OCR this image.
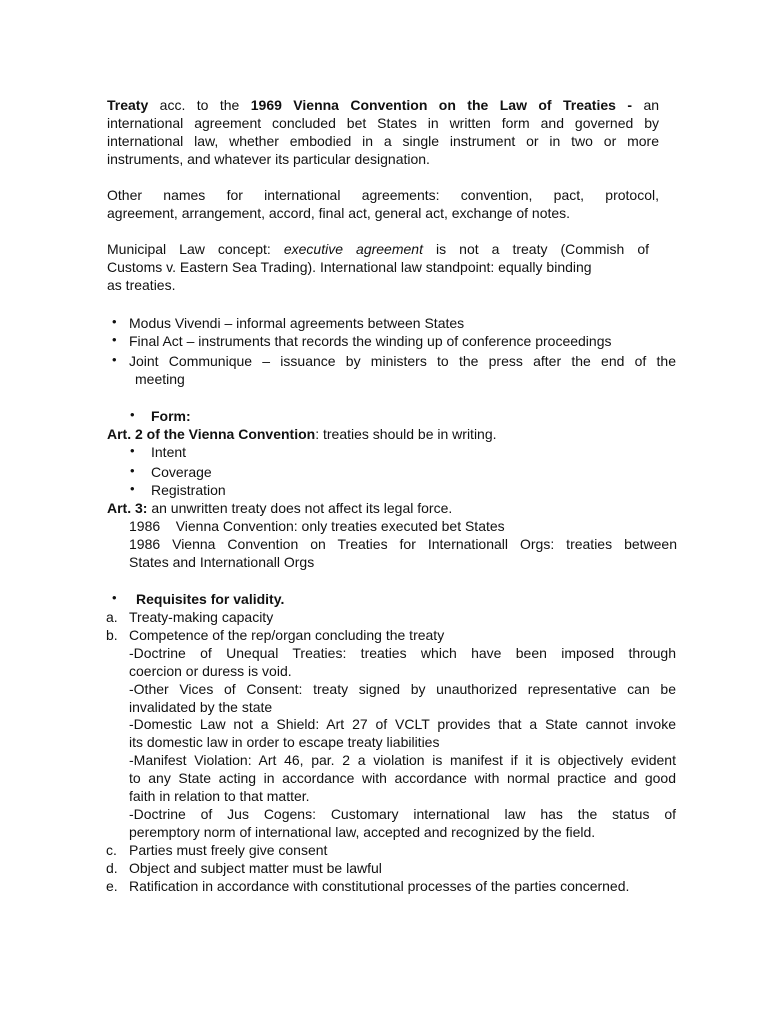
Treaty acc. to the 1969 Vienna Convention on the Law of Treaties - an
international agreement concluded bet States in written form and governed by
international law, whether embodied in a single instrument or in two or more
instruments, and whatever its particular designation.
Other names for international agreements: convention, pact, protocol,
agreement, arrangement, accord, final act, general act, exchange of notes.
Municipal Law concept: executive agreement is not a treaty (Commish of
Customs v. Eastern Sea Trading). International law standpoint: equally binding
as treaties.
• Modus Vivendi – informal agreements between States
• Final Act – instruments that records the winding up of conference proceedings
• Joint Communique – issuance by ministers to the press after the end of the
meeting
• Form:
Art. 2 of the Vienna Convention: treaties should be in writing.
• Intent
• Coverage
• Registration
Art. 3: an unwritten treaty does not affect its legal force.
1986    Vienna Convention: only treaties executed bet States
1986 Vienna Convention on Treaties for Internationall Orgs: treaties between
States and Internationall Orgs
• Requisites for validity.
a. Treaty-making capacity
b. Competence of the rep/organ concluding the treaty
-Doctrine of Unequal Treaties: treaties which have been imposed through
coercion or duress is void.
-Other Vices of Consent: treaty signed by unauthorized representative can be
invalidated by the state
-Domestic Law not a Shield: Art 27 of VCLT provides that a State cannot invoke
its domestic law in order to escape treaty liabilities
-Manifest Violation: Art 46, par. 2 a violation is manifest if it is objectively evident
to any State acting in accordance with accordance with normal practice and good
faith in relation to that matter.
-Doctrine of Jus Cogens: Customary international law has the status of
peremptory norm of international law, accepted and recognized by the field.
c. Parties must freely give consent
d. Object and subject matter must be lawful
e. Ratification in accordance with constitutional processes of the parties concerned.
